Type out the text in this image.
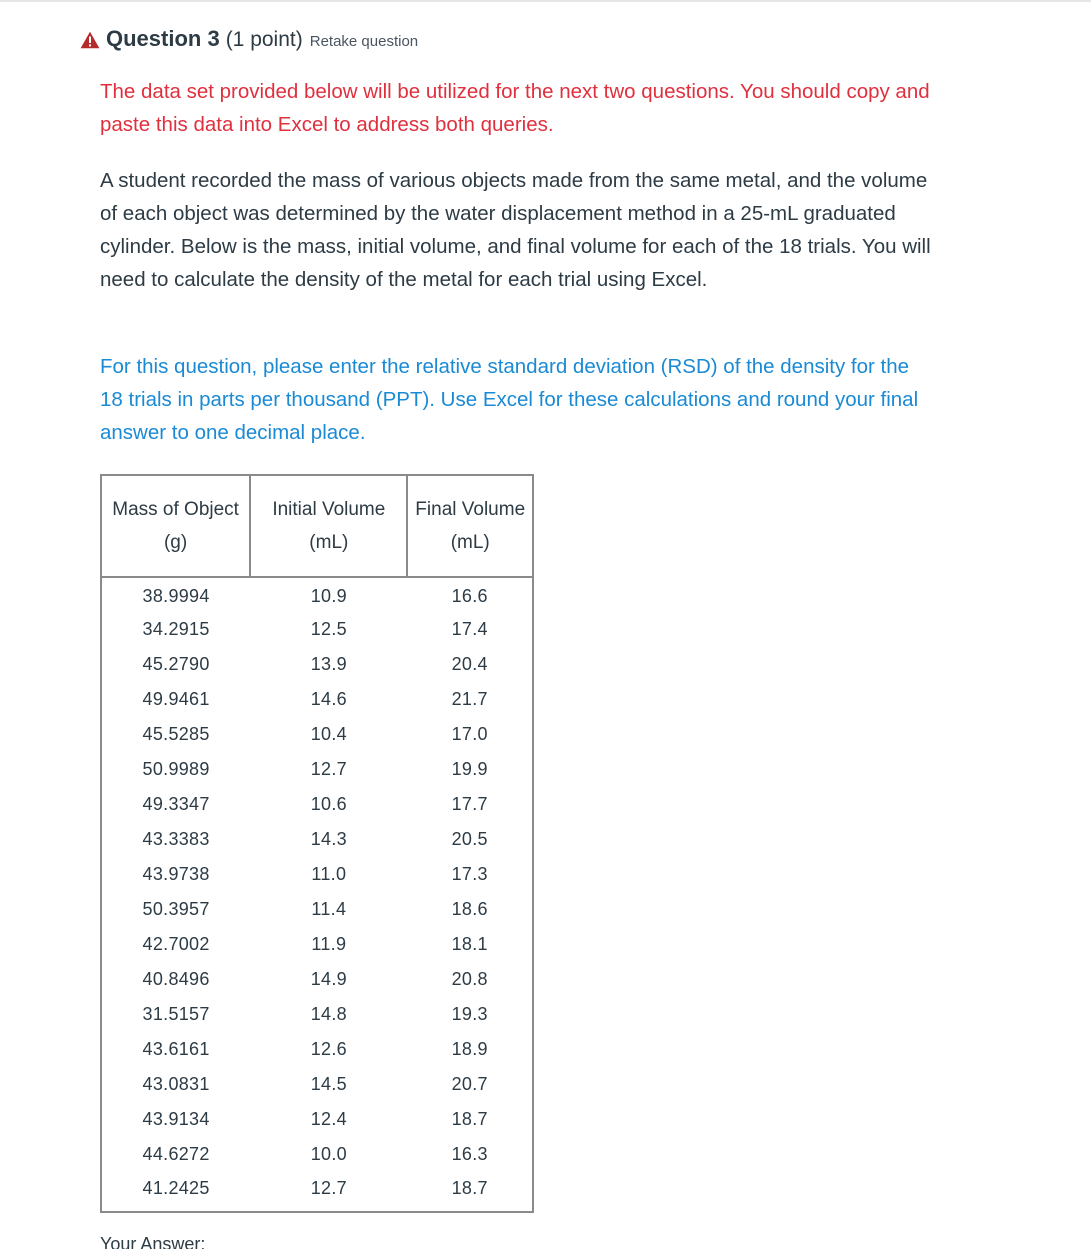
Question 3 (1 point) Retake question

The data set provided below will be utilized for the next two questions. You should copy and paste this data into Excel to address both queries.

A student recorded the mass of various objects made from the same metal, and the volume of each object was determined by the water displacement method in a 25-mL graduated cylinder. Below is the mass, initial volume, and final volume for each of the 18 trials. You will need to calculate the density of the metal for each trial using Excel.

For this question, please enter the relative standard deviation (RSD) of the density for the 18 trials in parts per thousand (PPT). Use Excel for these calculations and round your final answer to one decimal place.

Mass of Object (g)	Initial Volume (mL)	Final Volume (mL)
38.9994	10.9	16.6
34.2915	12.5	17.4
45.2790	13.9	20.4
49.9461	14.6	21.7
45.5285	10.4	17.0
50.9989	12.7	19.9
49.3347	10.6	17.7
43.3383	14.3	20.5
43.9738	11.0	17.3
50.3957	11.4	18.6
42.7002	11.9	18.1
40.8496	14.9	20.8
31.5157	14.8	19.3
43.6161	12.6	18.9
43.0831	14.5	20.7
43.9134	12.4	18.7
44.6272	10.0	16.3
41.2425	12.7	18.7
Your Answer:
